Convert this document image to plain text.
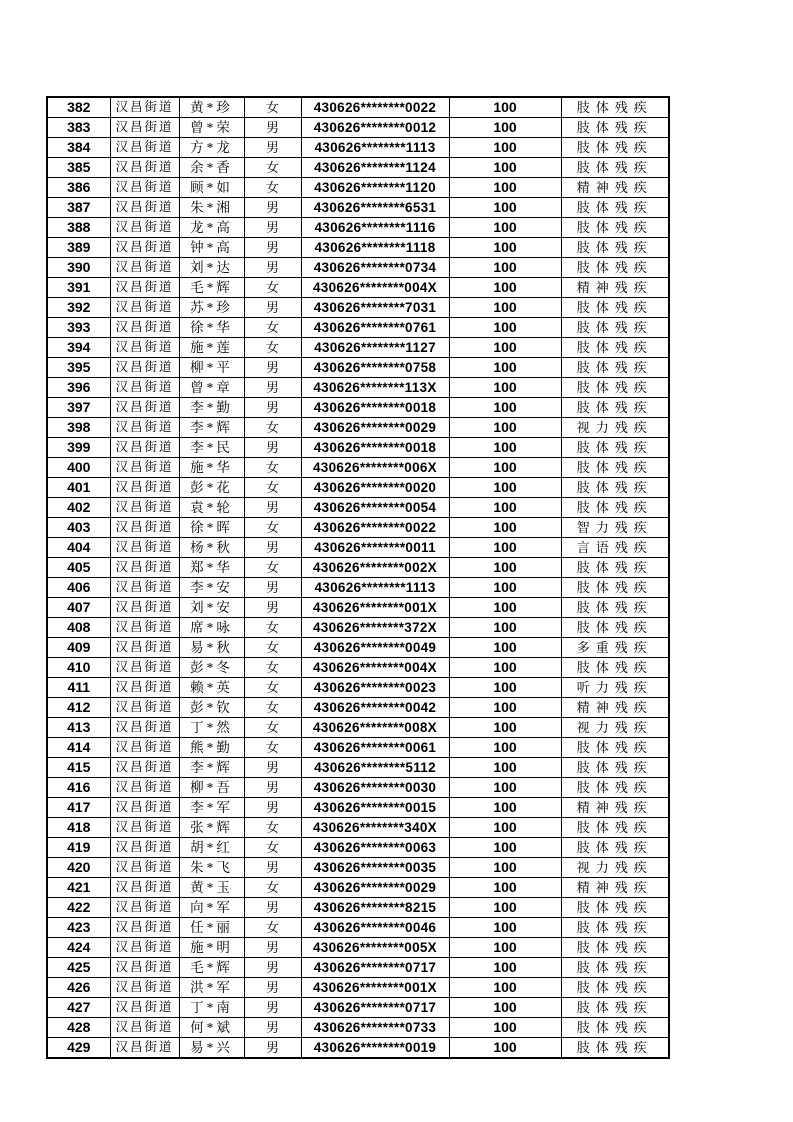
382	汉昌街道	黄*珍	女	430626********0022	100	肢体残疾
383	汉昌街道	曾*荣	男	430626********0012	100	肢体残疾
384	汉昌街道	方*龙	男	430626********1113	100	肢体残疾
385	汉昌街道	余*香	女	430626********1124	100	肢体残疾
386	汉昌街道	顾*如	女	430626********1120	100	精神残疾
387	汉昌街道	朱*湘	男	430626********6531	100	肢体残疾
388	汉昌街道	龙*高	男	430626********1116	100	肢体残疾
389	汉昌街道	钟*高	男	430626********1118	100	肢体残疾
390	汉昌街道	刘*达	男	430626********0734	100	肢体残疾
391	汉昌街道	毛*辉	女	430626********004X	100	精神残疾
392	汉昌街道	苏*珍	男	430626********7031	100	肢体残疾
393	汉昌街道	徐*华	女	430626********0761	100	肢体残疾
394	汉昌街道	施*莲	女	430626********1127	100	肢体残疾
395	汉昌街道	柳*平	男	430626********0758	100	肢体残疾
396	汉昌街道	曾*章	男	430626********113X	100	肢体残疾
397	汉昌街道	李*勤	男	430626********0018	100	肢体残疾
398	汉昌街道	李*辉	女	430626********0029	100	视力残疾
399	汉昌街道	李*民	男	430626********0018	100	肢体残疾
400	汉昌街道	施*华	女	430626********006X	100	肢体残疾
401	汉昌街道	彭*花	女	430626********0020	100	肢体残疾
402	汉昌街道	袁*轮	男	430626********0054	100	肢体残疾
403	汉昌街道	徐*晖	女	430626********0022	100	智力残疾
404	汉昌街道	杨*秋	男	430626********0011	100	言语残疾
405	汉昌街道	郑*华	女	430626********002X	100	肢体残疾
406	汉昌街道	李*安	男	430626********1113	100	肢体残疾
407	汉昌街道	刘*安	男	430626********001X	100	肢体残疾
408	汉昌街道	席*咏	女	430626********372X	100	肢体残疾
409	汉昌街道	易*秋	女	430626********0049	100	多重残疾
410	汉昌街道	彭*冬	女	430626********004X	100	肢体残疾
411	汉昌街道	赖*英	女	430626********0023	100	听力残疾
412	汉昌街道	彭*钦	女	430626********0042	100	精神残疾
413	汉昌街道	丁*然	女	430626********008X	100	视力残疾
414	汉昌街道	熊*勤	女	430626********0061	100	肢体残疾
415	汉昌街道	李*辉	男	430626********5112	100	肢体残疾
416	汉昌街道	柳*吾	男	430626********0030	100	肢体残疾
417	汉昌街道	李*军	男	430626********0015	100	精神残疾
418	汉昌街道	张*辉	女	430626********340X	100	肢体残疾
419	汉昌街道	胡*红	女	430626********0063	100	肢体残疾
420	汉昌街道	朱*飞	男	430626********0035	100	视力残疾
421	汉昌街道	黄*玉	女	430626********0029	100	精神残疾
422	汉昌街道	向*军	男	430626********8215	100	肢体残疾
423	汉昌街道	任*丽	女	430626********0046	100	肢体残疾
424	汉昌街道	施*明	男	430626********005X	100	肢体残疾
425	汉昌街道	毛*辉	男	430626********0717	100	肢体残疾
426	汉昌街道	洪*军	男	430626********001X	100	肢体残疾
427	汉昌街道	丁*南	男	430626********0717	100	肢体残疾
428	汉昌街道	何*斌	男	430626********0733	100	肢体残疾
429	汉昌街道	易*兴	男	430626********0019	100	肢体残疾
